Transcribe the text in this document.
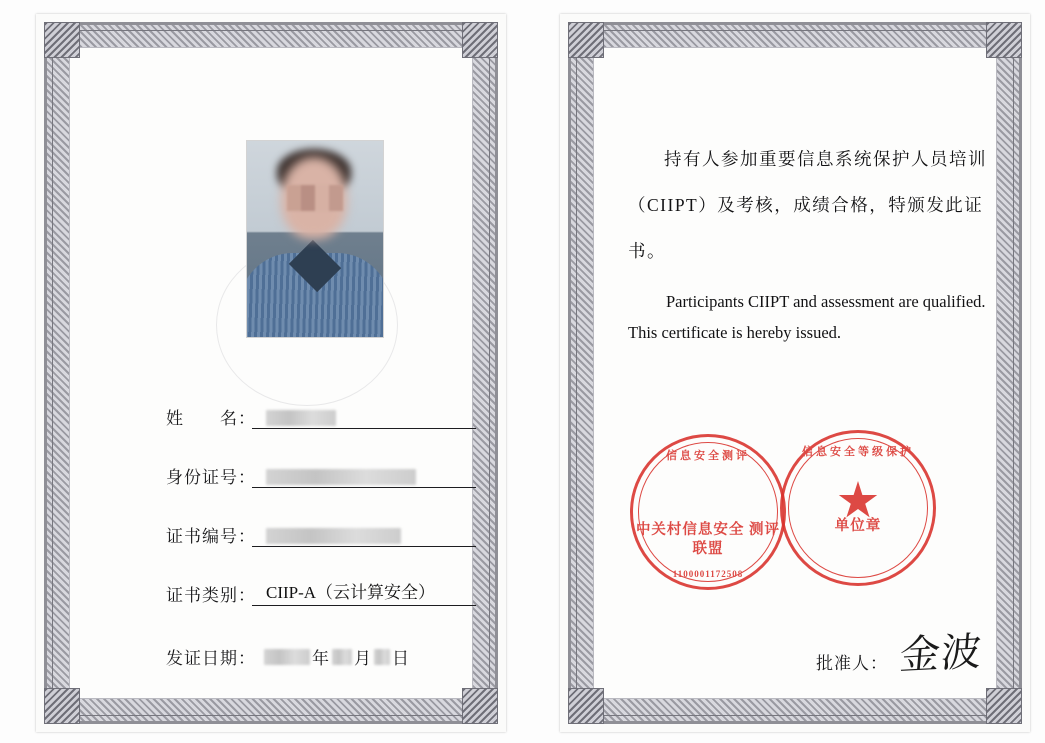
姓　　名：
身份证号：
证书编号：
证书类别： CIIP-A（云计算安全）
发证日期：	年 月 日
持有人参加重要信息系统保护人员培训（CIIPT）及考核，成绩合格，特颁发此证书。
Participants CIIPT and assessment are qualified. This certificate is hereby issued.
信息安全测评
中关村信息安全 测评联盟
1100001172508
信息安全等级保护
单位章
批准人： 金波
